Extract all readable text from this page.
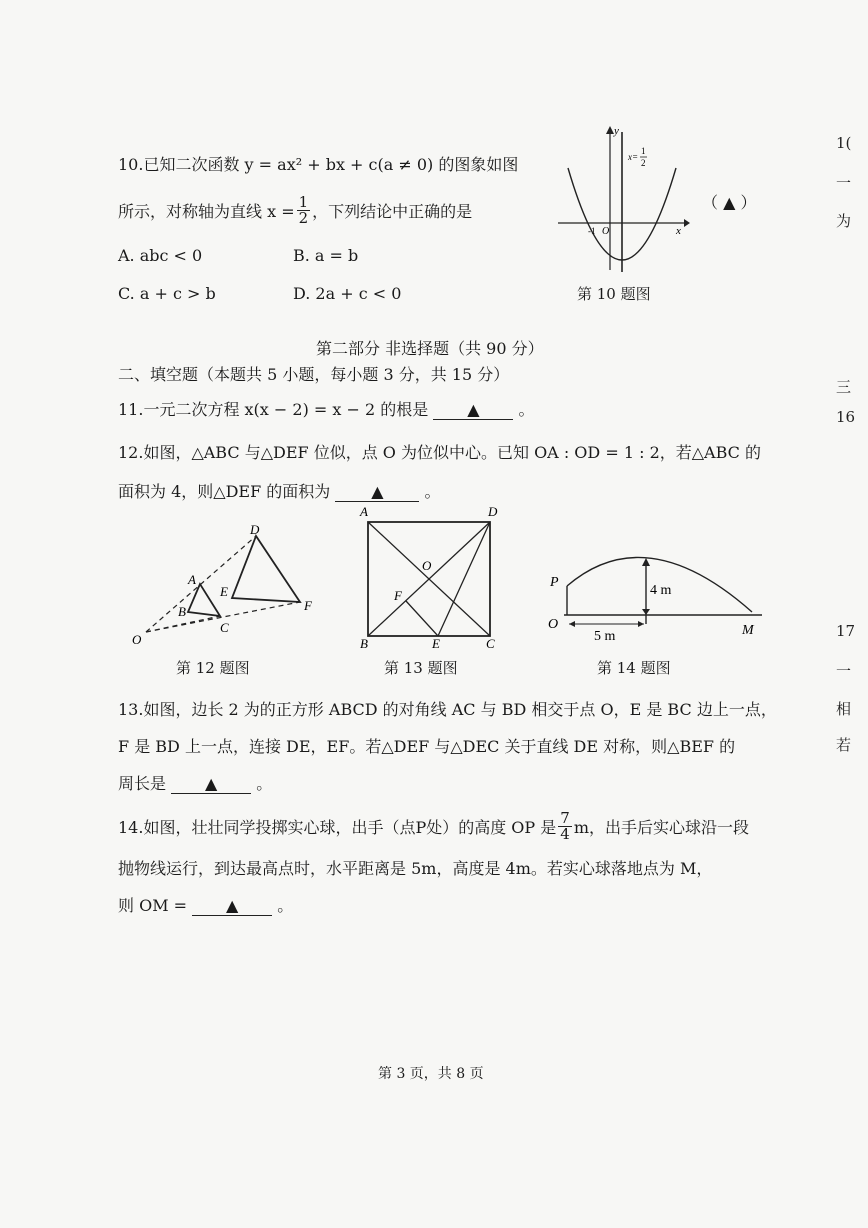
10.已知二次函数 y = ax² + bx + c(a ≠ 0) 的图象如图
所示，对称轴为直线 $x = \frac{1}{2}$ ，下列结论中正确的是
A. abc < 0	B. a = b
C. a + c > b	D. 2a + c < 0
（ ▲ ）
y
x
x=
1
2
-1 O
第 10 题图
第二部分 非选择题（共 90 分）
二、填空题（本题共 5 小题，每小题 3 分，共 15 分）
11.一元二次方程 x(x − 2) = x − 2 的根是 ▲ 。
12.如图，△ABC 与△DEF 位似，点 O 为位似中心。已知 OA : OD = 1 : 2，若△ABC 的
面积为 4，则△DEF 的面积为	▲	。
D
A
E
B
C
F
O
第 12 题图
A	D
O
F
B	E	C
第 13 题图
P
O	M
4 m
5 m
第 14 题图
13.如图，边长 2 为的正方形 ABCD 的对角线 AC 与 BD 相交于点 O，E 是 BC 边上一点，
F 是 BD 上一点，连接 DE，EF。若△DEF 与△DEC 关于直线 DE 对称，则△BEF 的
周长是 ▲ 。
14.如图，壮壮同学投掷实心球，出手（点P处）的高度 OP 是 $\frac{7}{4}$ m，出手后实心球沿一段
抛物线运行，到达最高点时，水平距离是 5m，高度是 4m。若实心球落地点为 M，
则 OM = ▲ 。
第 3 页，共 8 页
1(
一
为
三
16
17
一
相
若
